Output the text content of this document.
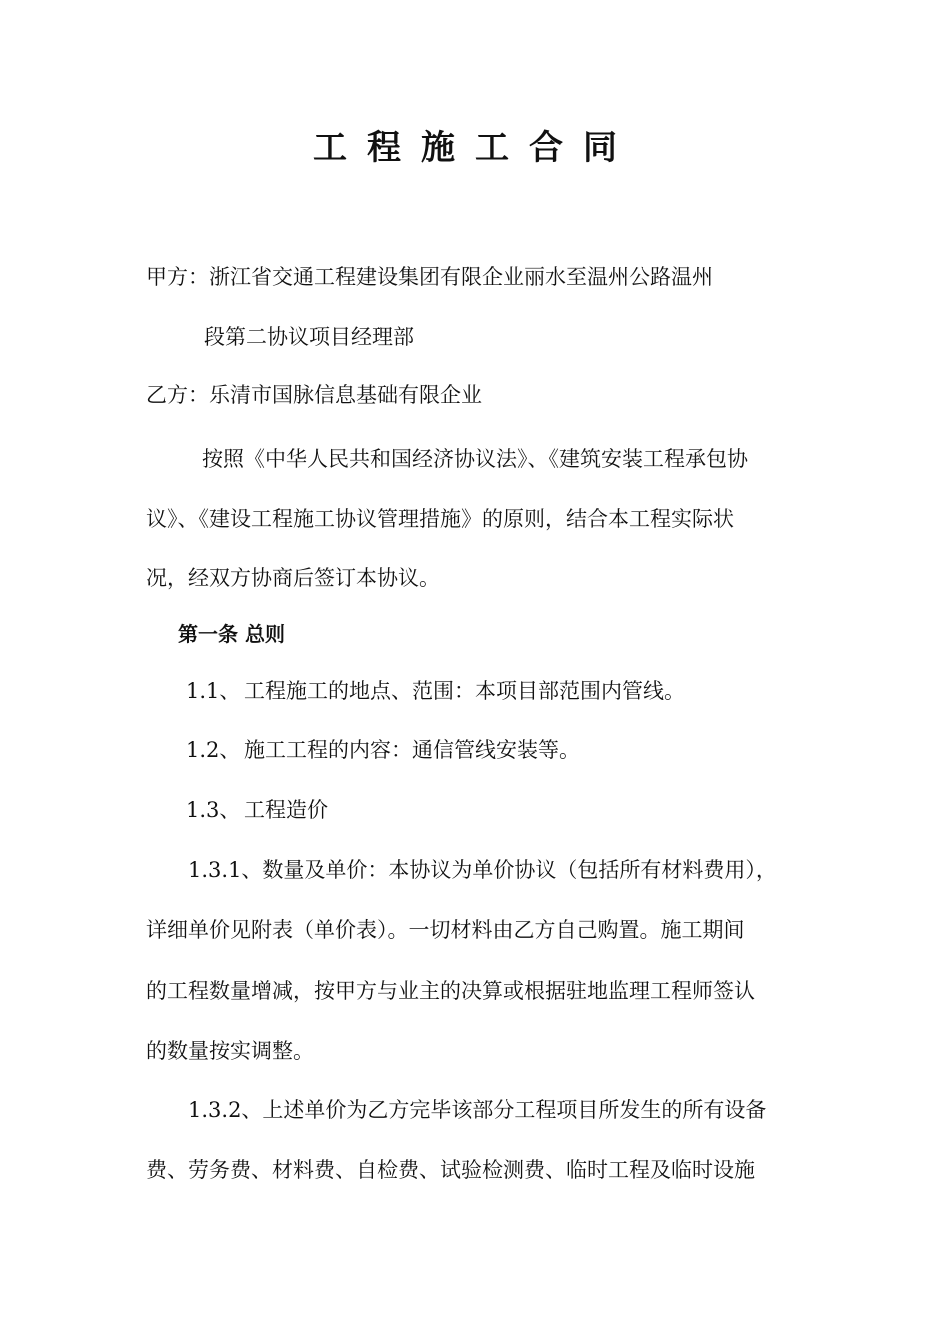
工程施工合同
甲方：浙江省交通工程建设集团有限企业丽水至温州公路温州
段第二协议项目经理部
乙方：乐清市国脉信息基础有限企业
按照《中华人民共和国经济协议法》、《建筑安装工程承包协
议》、《建设工程施工协议管理措施》的原则，结合本工程实际状
况，经双方协商后签订本协议。
第一条 总则
1.1、 工程施工的地点、范围：本项目部范围内管线。
1.2、 施工工程的内容：通信管线安装等。
1.3、 工程造价
1.3.1、数量及单价：本协议为单价协议（包括所有材料费用），
详细单价见附表（单价表）。一切材料由乙方自己购置。施工期间
的工程数量增减，按甲方与业主的决算或根据驻地监理工程师签认
的数量按实调整。
1.3.2、上述单价为乙方完毕该部分工程项目所发生的所有设备
费、劳务费、材料费、自检费、试验检测费、临时工程及临时设施
